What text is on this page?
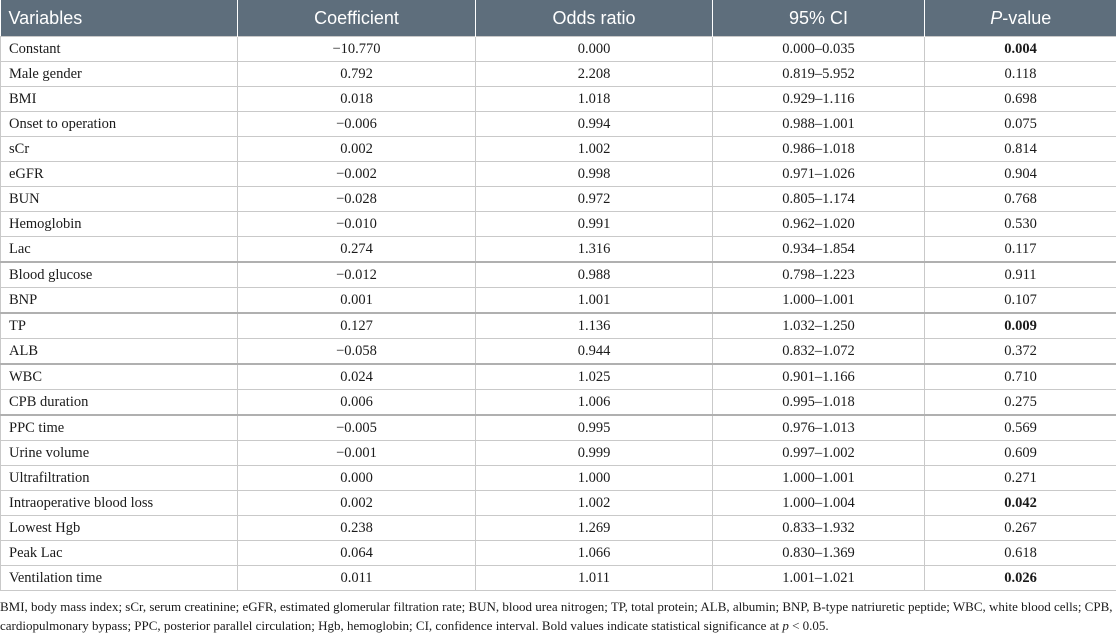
Variables	Coefficient	Odds ratio	95% CI	P-value
Constant	−10.770	0.000	0.000–0.035	0.004
Male gender	0.792	2.208	0.819–5.952	0.118
BMI	0.018	1.018	0.929–1.116	0.698
Onset to operation	−0.006	0.994	0.988–1.001	0.075
sCr	0.002	1.002	0.986–1.018	0.814
eGFR	−0.002	0.998	0.971–1.026	0.904
BUN	−0.028	0.972	0.805–1.174	0.768
Hemoglobin	−0.010	0.991	0.962–1.020	0.530
Lac	0.274	1.316	0.934–1.854	0.117
Blood glucose	−0.012	0.988	0.798–1.223	0.911
BNP	0.001	1.001	1.000–1.001	0.107
TP	0.127	1.136	1.032–1.250	0.009
ALB	−0.058	0.944	0.832–1.072	0.372
WBC	0.024	1.025	0.901–1.166	0.710
CPB duration	0.006	1.006	0.995–1.018	0.275
PPC time	−0.005	0.995	0.976–1.013	0.569
Urine volume	−0.001	0.999	0.997–1.002	0.609
Ultrafiltration	0.000	1.000	1.000–1.001	0.271
Intraoperative blood loss	0.002	1.002	1.000–1.004	0.042
Lowest Hgb	0.238	1.269	0.833–1.932	0.267
Peak Lac	0.064	1.066	0.830–1.369	0.618
Ventilation time	0.011	1.011	1.001–1.021	0.026
BMI, body mass index; sCr, serum creatinine; eGFR, estimated glomerular filtration rate; BUN, blood urea nitrogen; TP, total protein; ALB, albumin; BNP, B-type natriuretic peptide; WBC, white blood cells; CPB, cardiopulmonary bypass; PPC, posterior parallel circulation; Hgb, hemoglobin; CI, confidence interval. Bold values indicate statistical significance at p < 0.05.
